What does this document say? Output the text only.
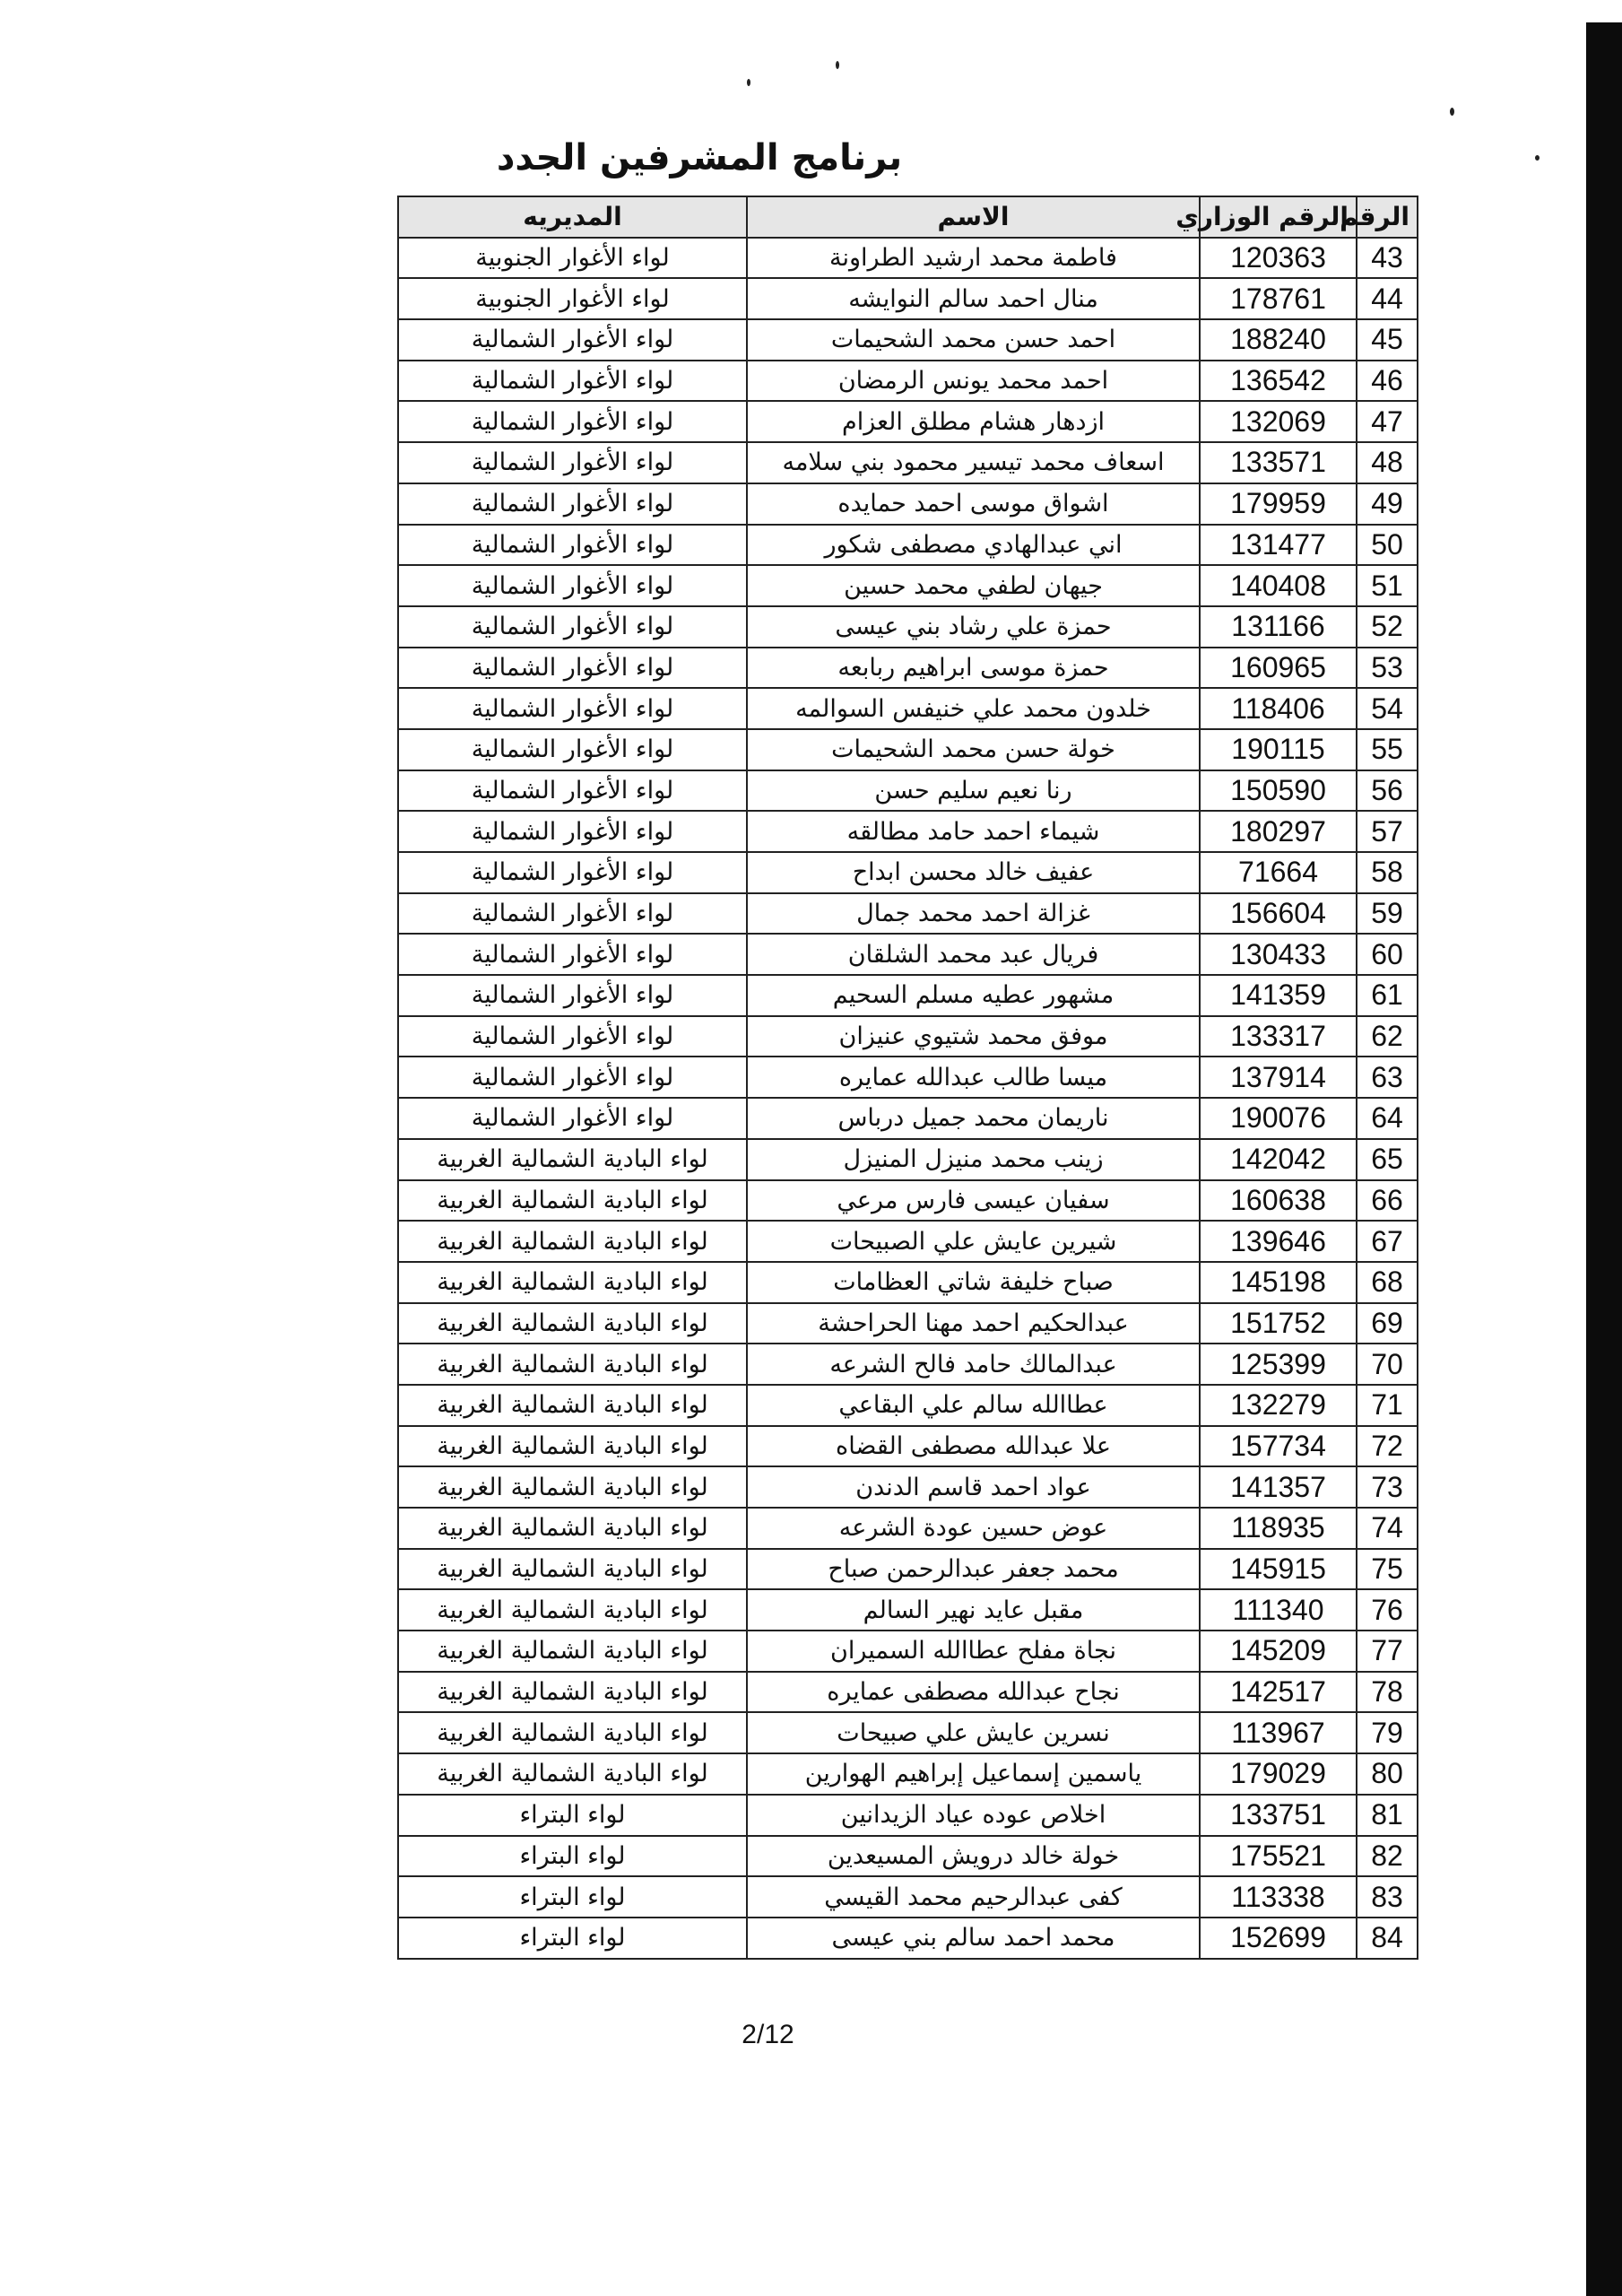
برنامج المشرفين الجدد
الرقم	الرقم الوزاري	الاسم	المديريه
43	120363	فاطمة محمد ارشيد الطراونة	لواء الأغوار الجنوبية
44	178761	منال احمد سالم النوايشه	لواء الأغوار الجنوبية
45	188240	احمد حسن محمد الشحيمات	لواء الأغوار الشمالية
46	136542	احمد محمد يونس الرمضان	لواء الأغوار الشمالية
47	132069	ازدهار هشام مطلق العزام	لواء الأغوار الشمالية
48	133571	اسعاف محمد تيسير محمود بني سلامه	لواء الأغوار الشمالية
49	179959	اشواق موسى احمد حمايده	لواء الأغوار الشمالية
50	131477	اني عبدالهادي مصطفى شكور	لواء الأغوار الشمالية
51	140408	جيهان لطفي محمد حسين	لواء الأغوار الشمالية
52	131166	حمزة علي رشاد بني عيسى	لواء الأغوار الشمالية
53	160965	حمزة موسى ابراهيم ربابعه	لواء الأغوار الشمالية
54	118406	خلدون محمد علي خنيفس السوالمه	لواء الأغوار الشمالية
55	190115	خولة حسن محمد الشحيمات	لواء الأغوار الشمالية
56	150590	رنا نعيم سليم حسن	لواء الأغوار الشمالية
57	180297	شيماء احمد حامد مطالقه	لواء الأغوار الشمالية
58	71664	عفيف خالد محسن ابداح	لواء الأغوار الشمالية
59	156604	غزالة احمد محمد جمال	لواء الأغوار الشمالية
60	130433	فريال عبد محمد الشلقان	لواء الأغوار الشمالية
61	141359	مشهور عطيه مسلم السحيم	لواء الأغوار الشمالية
62	133317	موفق محمد شتيوي عنيزان	لواء الأغوار الشمالية
63	137914	ميسا طالب عبدالله عمايره	لواء الأغوار الشمالية
64	190076	ناريمان محمد جميل درباس	لواء الأغوار الشمالية
65	142042	زينب محمد منيزل المنيزل	لواء البادية الشمالية الغربية
66	160638	سفيان عيسى فارس مرعي	لواء البادية الشمالية الغربية
67	139646	شيرين عايش علي الصبيحات	لواء البادية الشمالية الغربية
68	145198	صباح خليفة شاتي العظامات	لواء البادية الشمالية الغربية
69	151752	عبدالحكيم احمد مهنا الحراحشة	لواء البادية الشمالية الغربية
70	125399	عبدالمالك حامد فالح الشرعه	لواء البادية الشمالية الغربية
71	132279	عطاالله سالم علي البقاعي	لواء البادية الشمالية الغربية
72	157734	علا عبدالله مصطفى القضاه	لواء البادية الشمالية الغربية
73	141357	عواد احمد قاسم الدندن	لواء البادية الشمالية الغربية
74	118935	عوض حسين عودة الشرعه	لواء البادية الشمالية الغربية
75	145915	محمد جعفر عبدالرحمن صباح	لواء البادية الشمالية الغربية
76	111340	مقبل عايد نهير السالم	لواء البادية الشمالية الغربية
77	145209	نجاة مفلح عطاالله السميران	لواء البادية الشمالية الغربية
78	142517	نجاح عبدالله مصطفى عمايره	لواء البادية الشمالية الغربية
79	113967	نسرين عايش علي صبيحات	لواء البادية الشمالية الغربية
80	179029	ياسمين إسماعيل إبراهيم الهوارين	لواء البادية الشمالية الغربية
81	133751	اخلاص عوده عياد الزيدانين	لواء البتراء
82	175521	خولة خالد درويش المسيعدين	لواء البتراء
83	113338	كفى عبدالرحيم محمد القيسي	لواء البتراء
84	152699	محمد احمد سالم بني عيسى	لواء البتراء
2/12
